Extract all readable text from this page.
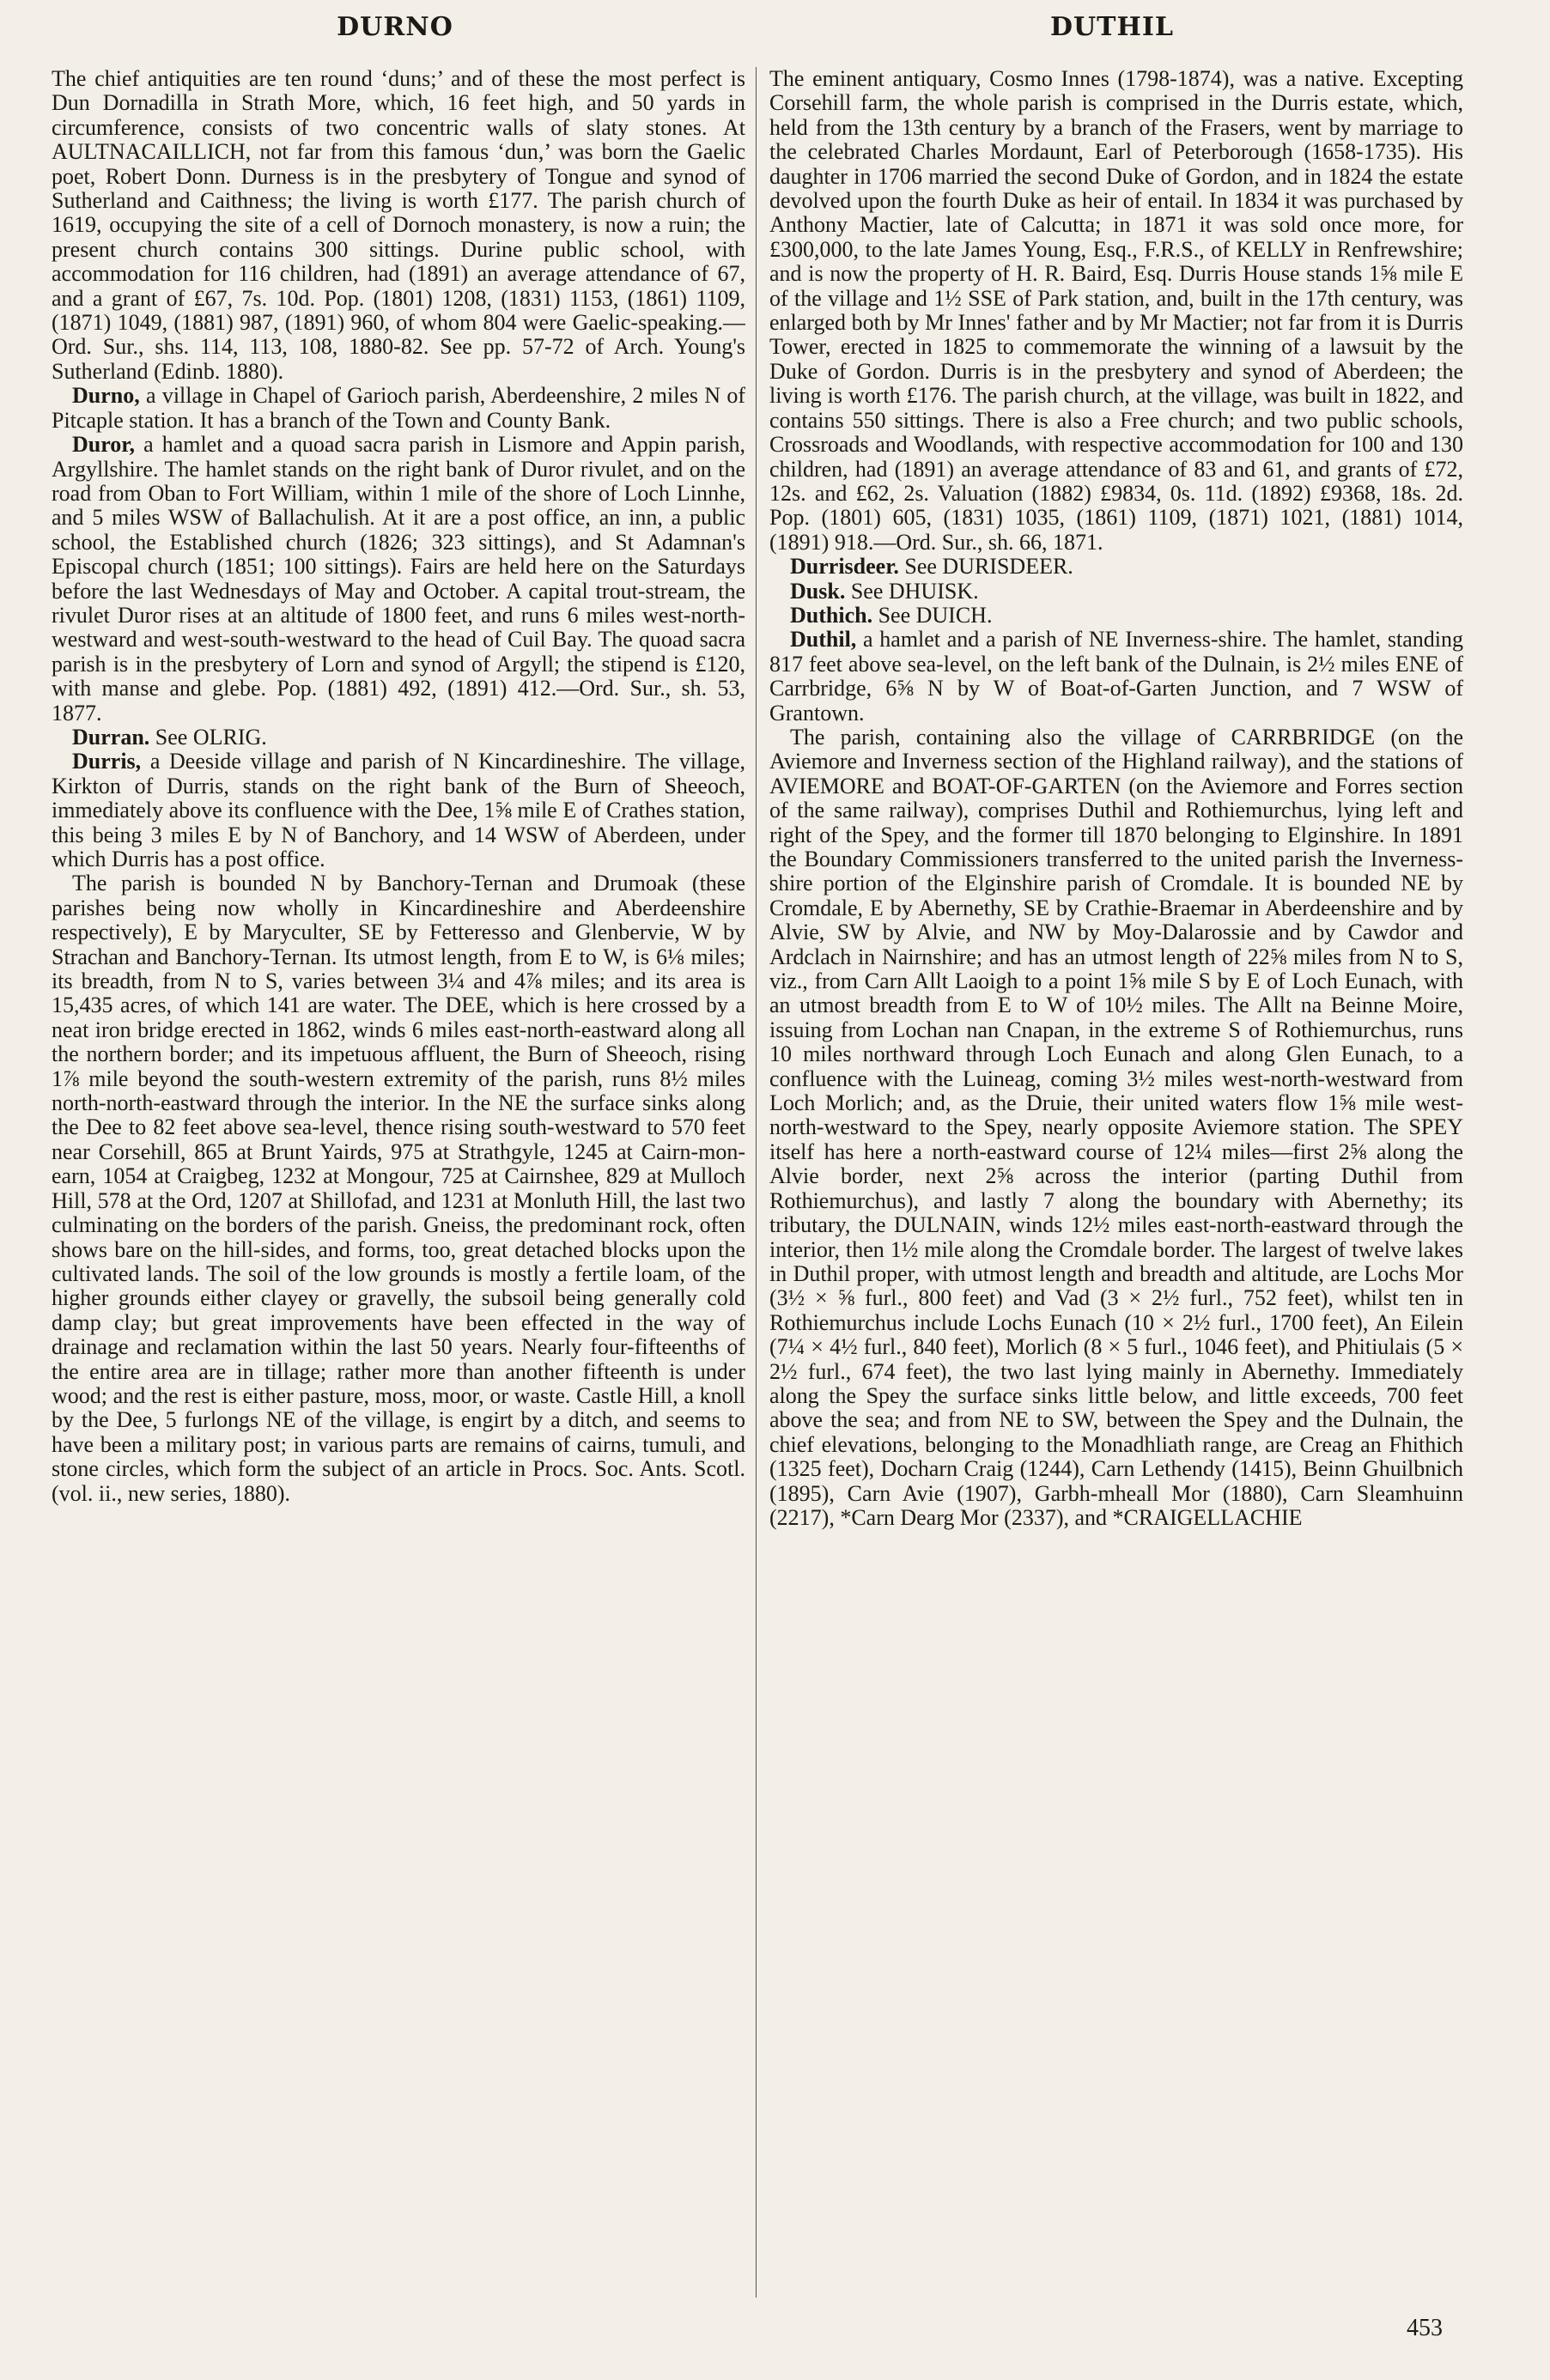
DURNO	DUTHIL

The chief antiquities are ten round ‘duns;’ and of these the most perfect is Dun Dornadilla in Strath More, which, 16 feet high, and 50 yards in circumference, consists of two concentric walls of slaty stones. At AULTNACAILLICH, not far from this famous ‘dun,’ was born the Gaelic poet, Robert Donn. Durness is in the presbytery of Tongue and synod of Sutherland and Caithness; the living is worth £177. The parish church of 1619, occupying the site of a cell of Dornoch monastery, is now a ruin; the present church contains 300 sittings. Durine public school, with accommodation for 116 children, had (1891) an average attendance of 67, and a grant of £67, 7s. 10d. Pop. (1801) 1208, (1831) 1153, (1861) 1109, (1871) 1049, (1881) 987, (1891) 960, of whom 804 were Gaelic-speaking.—Ord. Sur., shs. 114, 113, 108, 1880-82. See pp. 57-72 of Arch. Young's Sutherland (Edinb. 1880).

Durno, a village in Chapel of Garioch parish, Aberdeenshire, 2 miles N of Pitcaple station. It has a branch of the Town and County Bank.

Duror, a hamlet and a quoad sacra parish in Lismore and Appin parish, Argyllshire. The hamlet stands on the right bank of Duror rivulet, and on the road from Oban to Fort William, within 1 mile of the shore of Loch Linnhe, and 5 miles WSW of Ballachulish. At it are a post office, an inn, a public school, the Established church (1826; 323 sittings), and St Adamnan's Episcopal church (1851; 100 sittings). Fairs are held here on the Saturdays before the last Wednesdays of May and October. A capital trout-stream, the rivulet Duror rises at an altitude of 1800 feet, and runs 6 miles west-north-westward and west-south-westward to the head of Cuil Bay. The quoad sacra parish is in the presbytery of Lorn and synod of Argyll; the stipend is £120, with manse and glebe. Pop. (1881) 492, (1891) 412.—Ord. Sur., sh. 53, 1877.

Durran. See OLRIG.

Durris, a Deeside village and parish of N Kincardineshire. The village, Kirkton of Durris, stands on the right bank of the Burn of Sheeoch, immediately above its confluence with the Dee, 1⅝ mile E of Crathes station, this being 3 miles E by N of Banchory, and 14 WSW of Aberdeen, under which Durris has a post office.

The parish is bounded N by Banchory-Ternan and Drumoak (these parishes being now wholly in Kincardineshire and Aberdeenshire respectively), E by Maryculter, SE by Fetteresso and Glenbervie, W by Strachan and Banchory-Ternan. Its utmost length, from E to W, is 6⅛ miles; its breadth, from N to S, varies between 3¼ and 4⅞ miles; and its area is 15,435 acres, of which 141 are water. The DEE, which is here crossed by a neat iron bridge erected in 1862, winds 6 miles east-north-eastward along all the northern border; and its impetuous affluent, the Burn of Sheeoch, rising 1⅞ mile beyond the south-western extremity of the parish, runs 8½ miles north-north-eastward through the interior. In the NE the surface sinks along the Dee to 82 feet above sea-level, thence rising south-westward to 570 feet near Corsehill, 865 at Brunt Yairds, 975 at Strathgyle, 1245 at Cairn-mon-earn, 1054 at Craigbeg, 1232 at Mongour, 725 at Cairnshee, 829 at Mulloch Hill, 578 at the Ord, 1207 at Shillofad, and 1231 at Monluth Hill, the last two culminating on the borders of the parish. Gneiss, the predominant rock, often shows bare on the hill-sides, and forms, too, great detached blocks upon the cultivated lands. The soil of the low grounds is mostly a fertile loam, of the higher grounds either clayey or gravelly, the subsoil being generally cold damp clay; but great improvements have been effected in the way of drainage and reclamation within the last 50 years. Nearly four-fifteenths of the entire area are in tillage; rather more than another fifteenth is under wood; and the rest is either pasture, moss, moor, or waste. Castle Hill, a knoll by the Dee, 5 furlongs NE of the village, is engirt by a ditch, and seems to have been a military post; in various parts are remains of cairns, tumuli, and stone circles, which form the subject of an article in Procs. Soc. Ants. Scotl. (vol. ii., new series, 1880).

The eminent antiquary, Cosmo Innes (1798-1874), was a native. Excepting Corsehill farm, the whole parish is comprised in the Durris estate, which, held from the 13th century by a branch of the Frasers, went by marriage to the celebrated Charles Mordaunt, Earl of Peterborough (1658-1735). His daughter in 1706 married the second Duke of Gordon, and in 1824 the estate devolved upon the fourth Duke as heir of entail. In 1834 it was purchased by Anthony Mactier, late of Calcutta; in 1871 it was sold once more, for £300,000, to the late James Young, Esq., F.R.S., of KELLY in Renfrewshire; and is now the property of H. R. Baird, Esq. Durris House stands 1⅝ mile E of the village and 1½ SSE of Park station, and, built in the 17th century, was enlarged both by Mr Innes' father and by Mr Mactier; not far from it is Durris Tower, erected in 1825 to commemorate the winning of a lawsuit by the Duke of Gordon. Durris is in the presbytery and synod of Aberdeen; the living is worth £176. The parish church, at the village, was built in 1822, and contains 550 sittings. There is also a Free church; and two public schools, Crossroads and Woodlands, with respective accommodation for 100 and 130 children, had (1891) an average attendance of 83 and 61, and grants of £72, 12s. and £62, 2s. Valuation (1882) £9834, 0s. 11d. (1892) £9368, 18s. 2d. Pop. (1801) 605, (1831) 1035, (1861) 1109, (1871) 1021, (1881) 1014, (1891) 918.—Ord. Sur., sh. 66, 1871.

Durrisdeer. See DURISDEER.

Dusk. See DHUISK.

Duthich. See DUICH.

Duthil, a hamlet and a parish of NE Inverness-shire. The hamlet, standing 817 feet above sea-level, on the left bank of the Dulnain, is 2½ miles ENE of Carrbridge, 6⅝ N by W of Boat-of-Garten Junction, and 7 WSW of Grantown.

The parish, containing also the village of CARRBRIDGE (on the Aviemore and Inverness section of the Highland railway), and the stations of AVIEMORE and BOAT-OF-GARTEN (on the Aviemore and Forres section of the same railway), comprises Duthil and Rothiemurchus, lying left and right of the Spey, and the former till 1870 belonging to Elginshire. In 1891 the Boundary Commissioners transferred to the united parish the Inverness-shire portion of the Elginshire parish of Cromdale. It is bounded NE by Cromdale, E by Abernethy, SE by Crathie-Braemar in Aberdeenshire and by Alvie, SW by Alvie, and NW by Moy-Dalarossie and by Cawdor and Ardclach in Nairnshire; and has an utmost length of 22⅝ miles from N to S, viz., from Carn Allt Laoigh to a point 1⅝ mile S by E of Loch Eunach, with an utmost breadth from E to W of 10½ miles. The Allt na Beinne Moire, issuing from Lochan nan Cnapan, in the extreme S of Rothiemurchus, runs 10 miles northward through Loch Eunach and along Glen Eunach, to a confluence with the Luineag, coming 3½ miles west-north-westward from Loch Morlich; and, as the Druie, their united waters flow 1⅝ mile west-north-westward to the Spey, nearly opposite Aviemore station. The SPEY itself has here a north-eastward course of 12¼ miles—first 2⅝ along the Alvie border, next 2⅝ across the interior (parting Duthil from Rothiemurchus), and lastly 7 along the boundary with Abernethy; its tributary, the DULNAIN, winds 12½ miles east-north-eastward through the interior, then 1½ mile along the Cromdale border. The largest of twelve lakes in Duthil proper, with utmost length and breadth and altitude, are Lochs Mor (3½ × ⅝ furl., 800 feet) and Vad (3 × 2½ furl., 752 feet), whilst ten in Rothiemurchus include Lochs Eunach (10 × 2½ furl., 1700 feet), An Eilein (7¼ × 4½ furl., 840 feet), Morlich (8 × 5 furl., 1046 feet), and Phitiulais (5 × 2½ furl., 674 feet), the two last lying mainly in Abernethy. Immediately along the Spey the surface sinks little below, and little exceeds, 700 feet above the sea; and from NE to SW, between the Spey and the Dulnain, the chief elevations, belonging to the Monadhliath range, are Creag an Fhithich (1325 feet), Docharn Craig (1244), Carn Lethendy (1415), Beinn Ghuilbnich (1895), Carn Avie (1907), Garbh-mheall Mor (1880), Carn Sleamhuinn (2217), *Carn Dearg Mor (2337), and *CRAIGELLACHIE

453
